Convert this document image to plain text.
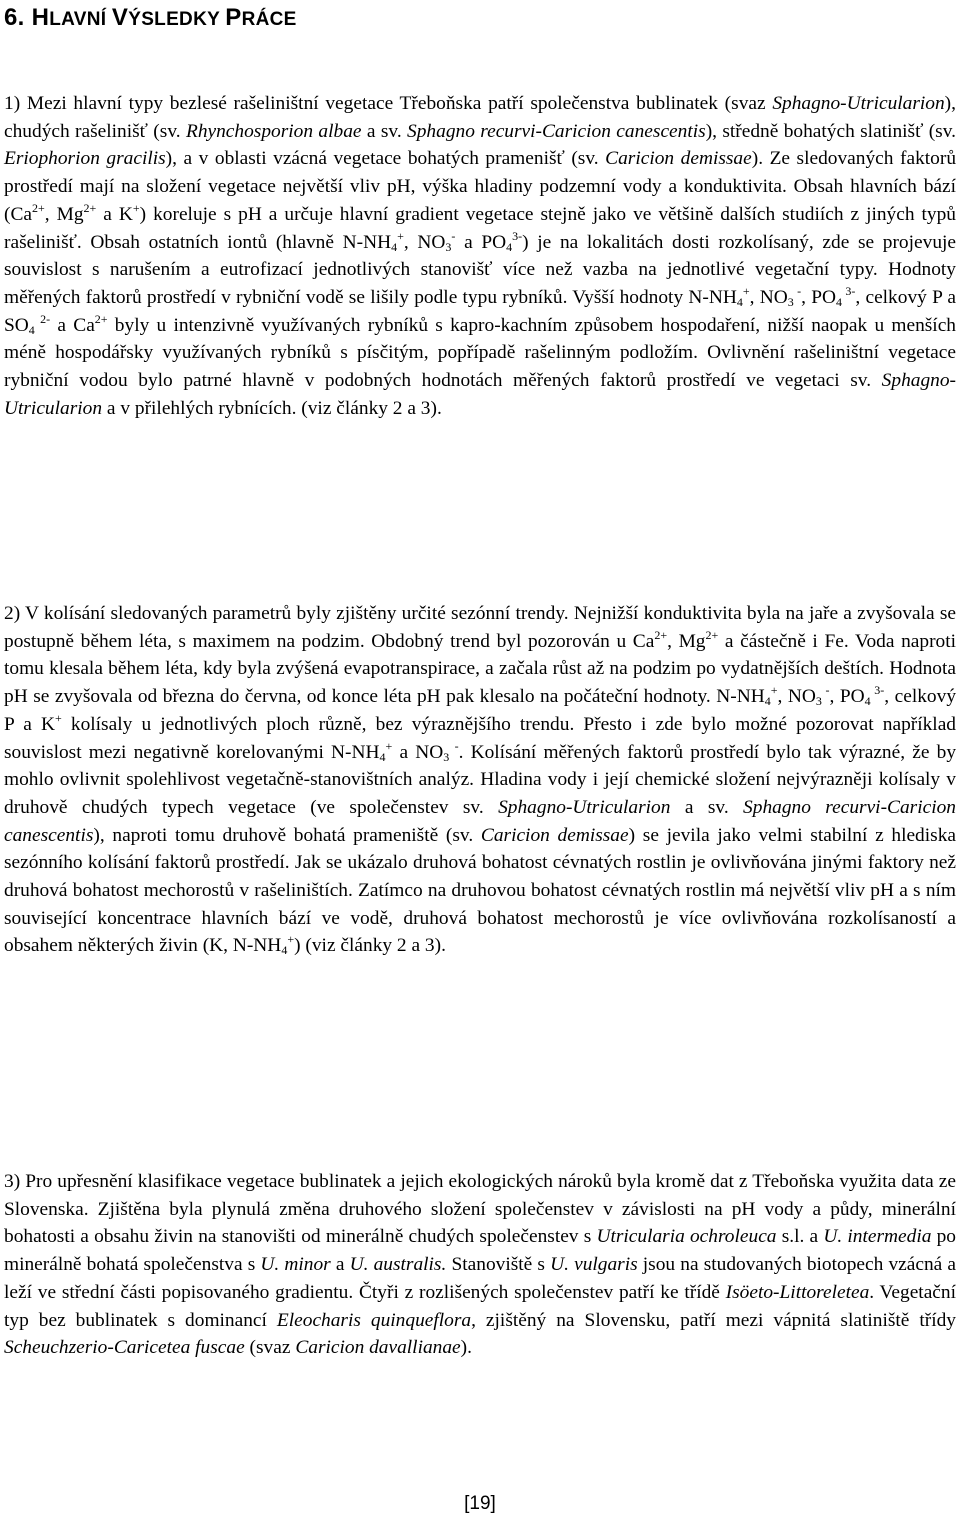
6. HLAVNÍ VÝSLEDKY PRÁCE

1) Mezi hlavní typy bezlesé rašeliništní vegetace Třeboňska patří společenstva bublinatek (svaz Sphagno-Utricularion), chudých rašelinišť (sv. Rhynchosporion albae a sv. Sphagno recurvi-Caricion canescentis), středně bohatých slatinišť (sv. Eriophorion gracilis), a v oblasti vzácná vegetace bohatých pramenišť (sv. Caricion demissae). Ze sledovaných faktorů prostředí mají na složení vegetace největší vliv pH, výška hladiny podzemní vody a konduktivita. Obsah hlavních bází ($Ca^{2+}$, $Mg^{2+}$ a K+) koreluje s pH a určuje hlavní gradient vegetace stejně jako ve většině dalších studiích z jiných typů rašelinišť. Obsah ostatních iontů (hlavně $N-NH_4^+$, $NO_3^-$ a $PO_4^{3-}$) je na lokalitách dosti rozkolísaný, zde se projevuje souvislost s narušením a eutrofizací jednotlivých stanovišť více než vazba na jednotlivé vegetační typy. Hodnoty měřených faktorů prostředí v rybniční vodě se lišily podle typu rybníků. Vyšší hodnoty $N-NH_4^+$, $NO_3$ -, $PO_4$ $^{3-}$, celkový P a $SO_4$ $^{2-}$ a $Ca^{2+}$ byly u intenzivně využívaných rybníků s kapro-kachním způsobem hospodaření, nižší naopak u menších méně hospodářsky využívaných rybníků s písčitým, popřípadě rašelinným podložím. Ovlivnění rašeliništní vegetace rybniční vodou bylo patrné hlavně v podobných hodnotách měřených faktorů prostředí ve vegetaci sv. Sphagno-Utricularion a v přilehlých rybnících. (viz články 2 a 3).

2) V kolísání sledovaných parametrů byly zjištěny určité sezónní trendy. Nejnižší konduktivita byla na jaře a zvyšovala se postupně během léta, s maximem na podzim. Obdobný trend byl pozorován u $Ca^{2+}$, $Mg^{2+}$ a částečně i Fe. Voda naproti tomu klesala během léta, kdy byla zvýšená evapotranspirace, a začala růst až na podzim po vydatnějších deštích. Hodnota pH se zvyšovala od března do června, od konce léta pH pak klesalo na počáteční hodnoty. $N-NH_4^+$, $NO_3$ -, $PO_4$ $^{3-}$, celkový P a K+ kolísaly u jednotlivých ploch různě, bez výraznějšího trendu. Přesto i zde bylo možné pozorovat například souvislost mezi negativně korelovanými $N-NH_4^+$ a $NO_3$ -. Kolísání měřených faktorů prostředí bylo tak výrazné, že by mohlo ovlivnit spolehlivost vegetačně-stanovištních analýz. Hladina vody i její chemické složení nejvýrazněji kolísaly v druhově chudých typech vegetace (ve společenstev sv. Sphagno-Utricularion a sv. Sphagno recurvi-Caricion canescentis), naproti tomu druhově bohatá prameniště (sv. Caricion demissae) se jevila jako velmi stabilní z hlediska sezónního kolísání faktorů prostředí. Jak se ukázalo druhová bohatost cévnatých rostlin je ovlivňována jinými faktory než druhová bohatost mechorostů v rašeliništích. Zatímco na druhovou bohatost cévnatých rostlin má největší vliv pH a s ním související koncentrace hlavních bází ve vodě, druhová bohatost mechorostů je více ovlivňována rozkolísaností a obsahem některých živin (K, $N-NH_4^+$) (viz články 2 a 3).

3) Pro upřesnění klasifikace vegetace bublinatek a jejich ekologických nároků byla kromě dat z Třeboňska využita data ze Slovenska. Zjištěna byla plynulá změna druhového složení společenstev v závislosti na pH vody a půdy, minerální bohatosti a obsahu živin na stanovišti od minerálně chudých společenstev s Utricularia ochroleuca s.l. a U. intermedia po minerálně bohatá společenstva s U. minor a U. australis. Stanoviště s U. vulgaris jsou na studovaných biotopech vzácná a leží ve střední části popisovaného gradientu. Čtyři z rozlišených společenstev patří ke třídě Isöeto-Littoreletea. Vegetační typ bez bublinatek s dominancí Eleocharis quinqueflora, zjištěný na Slovensku, patří mezi vápnitá slatiniště třídy Scheuchzerio-Caricetea fuscae (svaz Caricion davallianae).

[19]
